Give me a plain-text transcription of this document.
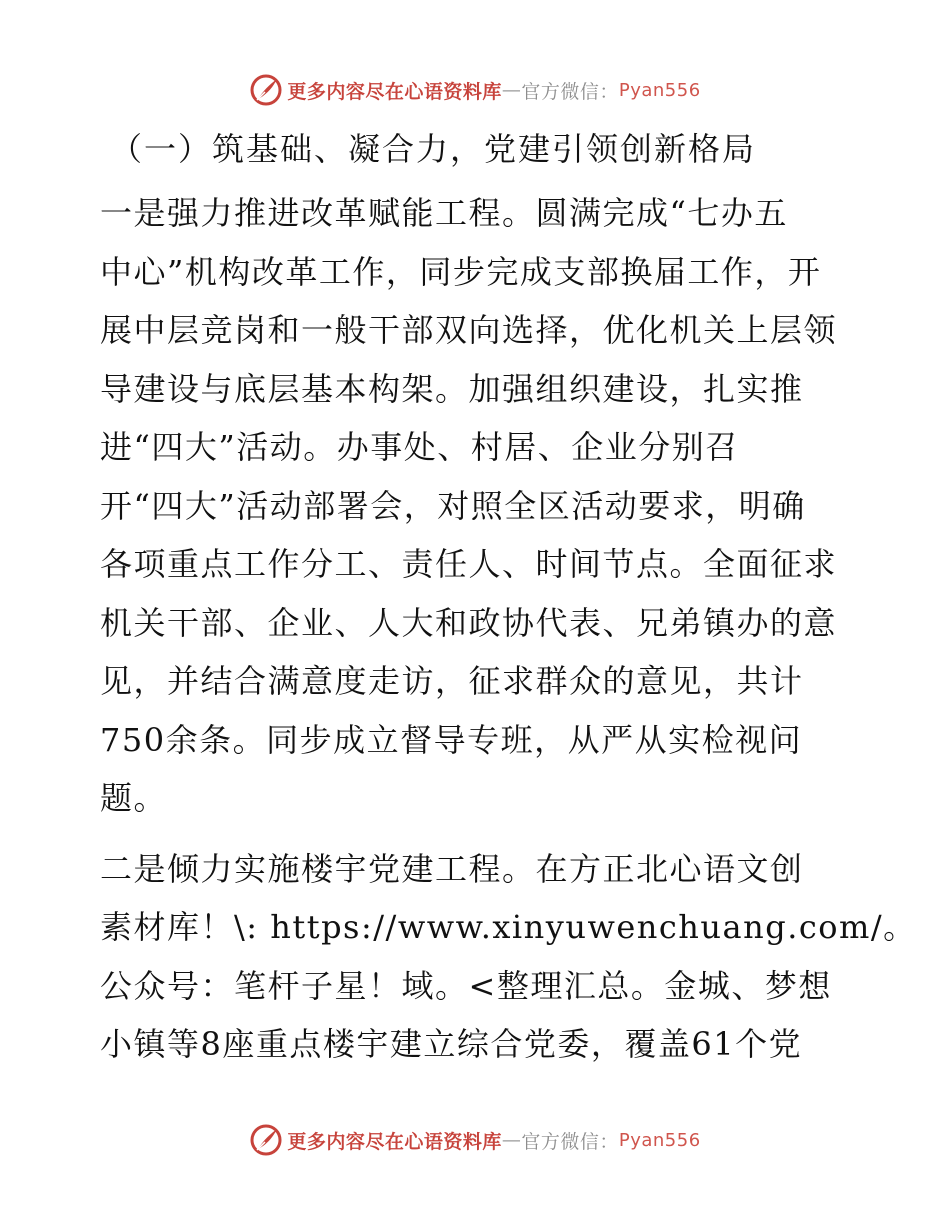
更多内容尽在心语资料库 — 官方微信： Pyan556
（一）筑基础、凝合力，党建引领创新格局

一是强力推进改革赋能工程。圆满完成“七办五
中心”机构改革工作，同步完成支部换届工作，开
展中层竞岗和一般干部双向选择，优化机关上层领
导建设与底层基本构架。加强组织建设，扎实推
进“四大”活动。办事处、村居、企业分别召
开“四大”活动部署会，对照全区活动要求，明确
各项重点工作分工、责任人、时间节点。全面征求
机关干部、企业、人大和政协代表、兄弟镇办的意
见，并结合满意度走访，征求群众的意见，共计
750余条。同步成立督导专班，从严从实检视问
题。

二是倾力实施楼宇党建工程。在方正北心语文创
素材库！\: https://www.xinyuwenchuang.com/。
公众号：笔杆子星！域。<整理汇总。金城、梦想
小镇等8座重点楼宇建立综合党委，覆盖61个党

更多内容尽在心语资料库 — 官方微信： Pyan556
